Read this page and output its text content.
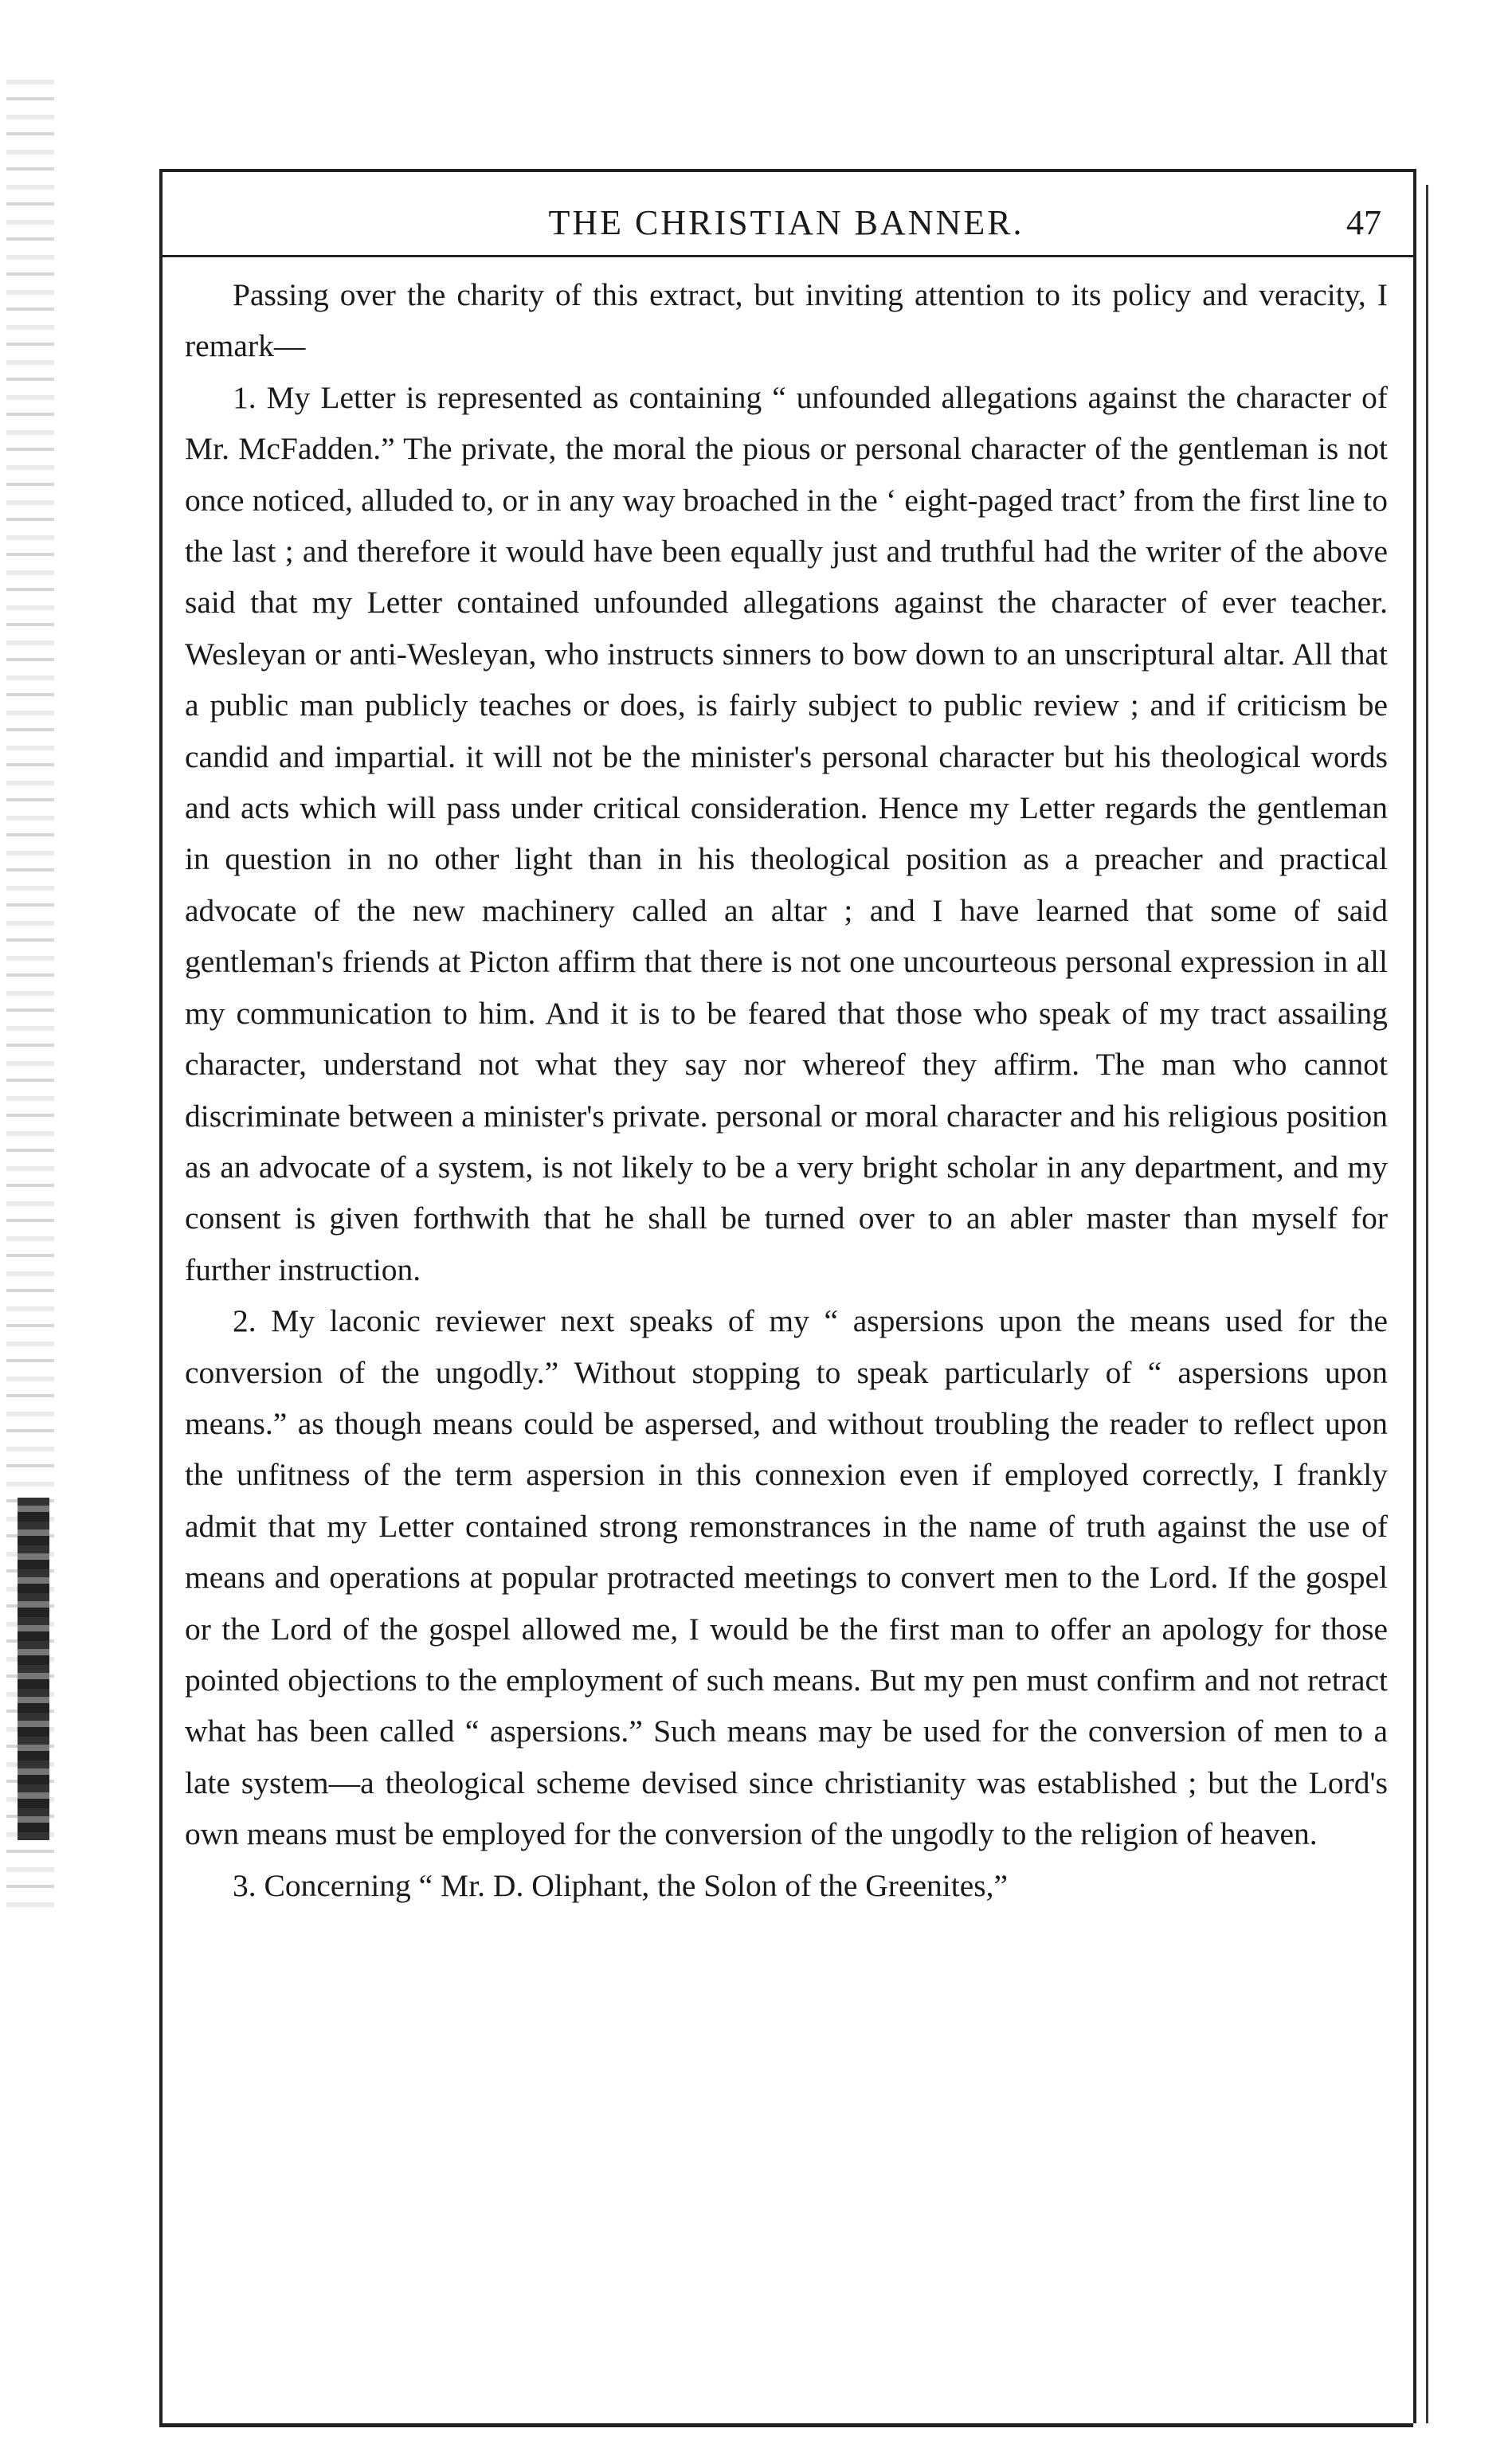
THE CHRISTIAN BANNER.	47

Passing over the charity of this extract, but inviting attention to its policy and veracity, I remark—

1. My Letter is represented as containing “ unfounded allegations against the character of Mr. McFadden.” The private, the moral the pious or personal character of the gentleman is not once noticed, alluded to, or in any way broached in the ‘ eight-paged tract’ from the first line to the last ; and therefore it would have been equally just and truthful had the writer of the above said that my Letter contained unfounded allegations against the character of ever teacher. Wesleyan or anti-Wesleyan, who instructs sinners to bow down to an unscriptural altar. All that a public man publicly teaches or does, is fairly subject to public review ; and if criticism be candid and impartial. it will not be the minister's personal character but his theological words and acts which will pass under critical consideration. Hence my Letter regards the gentleman in question in no other light than in his theological position as a preacher and practical advocate of the new machinery called an altar ; and I have learned that some of said gentleman's friends at Picton affirm that there is not one uncourteous personal expression in all my communication to him. And it is to be feared that those who speak of my tract assailing character, understand not what they say nor whereof they affirm. The man who cannot discriminate between a minister's private. personal or moral character and his religious position as an advocate of a system, is not likely to be a very bright scholar in any department, and my consent is given forthwith that he shall be turned over to an abler master than myself for further instruction.

2. My laconic reviewer next speaks of my “ aspersions upon the means used for the conversion of the ungodly.” Without stopping to speak particularly of “ aspersions upon means.” as though means could be aspersed, and without troubling the reader to reflect upon the unfitness of the term aspersion in this connexion even if employed correctly, I frankly admit that my Letter contained strong remonstrances in the name of truth against the use of means and operations at popular protracted meetings to convert men to the Lord. If the gospel or the Lord of the gospel allowed me, I would be the first man to offer an apology for those pointed objections to the employment of such means. But my pen must confirm and not retract what has been called “ aspersions.” Such means may be used for the conversion of men to a late system—a theological scheme devised since christianity was established ; but the Lord's own means must be employed for the conversion of the ungodly to the religion of heaven.

3. Concerning “ Mr. D. Oliphant, the Solon of the Greenites,”
